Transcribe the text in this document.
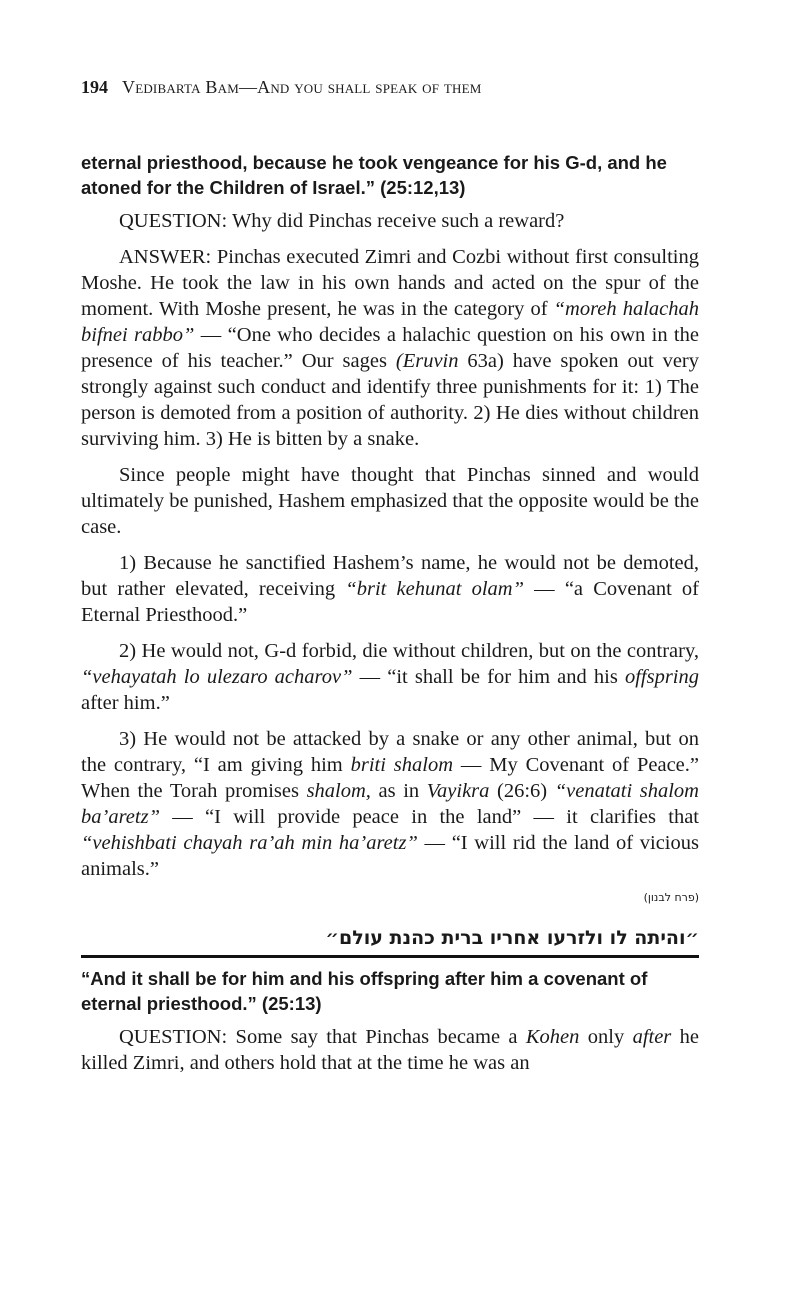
194 Vedibarta Bam—And you shall speak of them

eternal priesthood, because he took vengeance for his G-d, and he atoned for the Children of Israel.” (25:12,13)

QUESTION: Why did Pinchas receive such a reward?

ANSWER: Pinchas executed Zimri and Cozbi without first consulting Moshe. He took the law in his own hands and acted on the spur of the moment. With Moshe present, he was in the category of “moreh halachah bifnei rabbo” — “One who decides a halachic question on his own in the presence of his teacher.” Our sages (Eruvin 63a) have spoken out very strongly against such conduct and identify three punishments for it: 1) The person is demoted from a position of authority. 2) He dies without children surviving him. 3) He is bitten by a snake.

Since people might have thought that Pinchas sinned and would ultimately be punished, Hashem emphasized that the opposite would be the case.

1) Because he sanctified Hashem’s name, he would not be demoted, but rather elevated, receiving “brit kehunat olam” — “a Covenant of Eternal Priesthood.”

2) He would not, G-d forbid, die without children, but on the contrary, “vehayatah lo ulezaro acharov” — “it shall be for him and his offspring after him.”

3) He would not be attacked by a snake or any other animal, but on the contrary, “I am giving him briti shalom — My Covenant of Peace.” When the Torah promises shalom, as in Vayikra (26:6) “venatati shalom ba’aretz” — “I will provide peace in the land” — it clarifies that “vehishbati chayah ra’ah min ha’aretz” — “I will rid the land of vicious animals.”

(פרח לבנון)
״והיתה לו ולזרעו אחריו ברית כהנת עולם״

“And it shall be for him and his offspring after him a covenant of eternal priesthood.” (25:13)

QUESTION: Some say that Pinchas became a Kohen only after he killed Zimri, and others hold that at the time he was an
